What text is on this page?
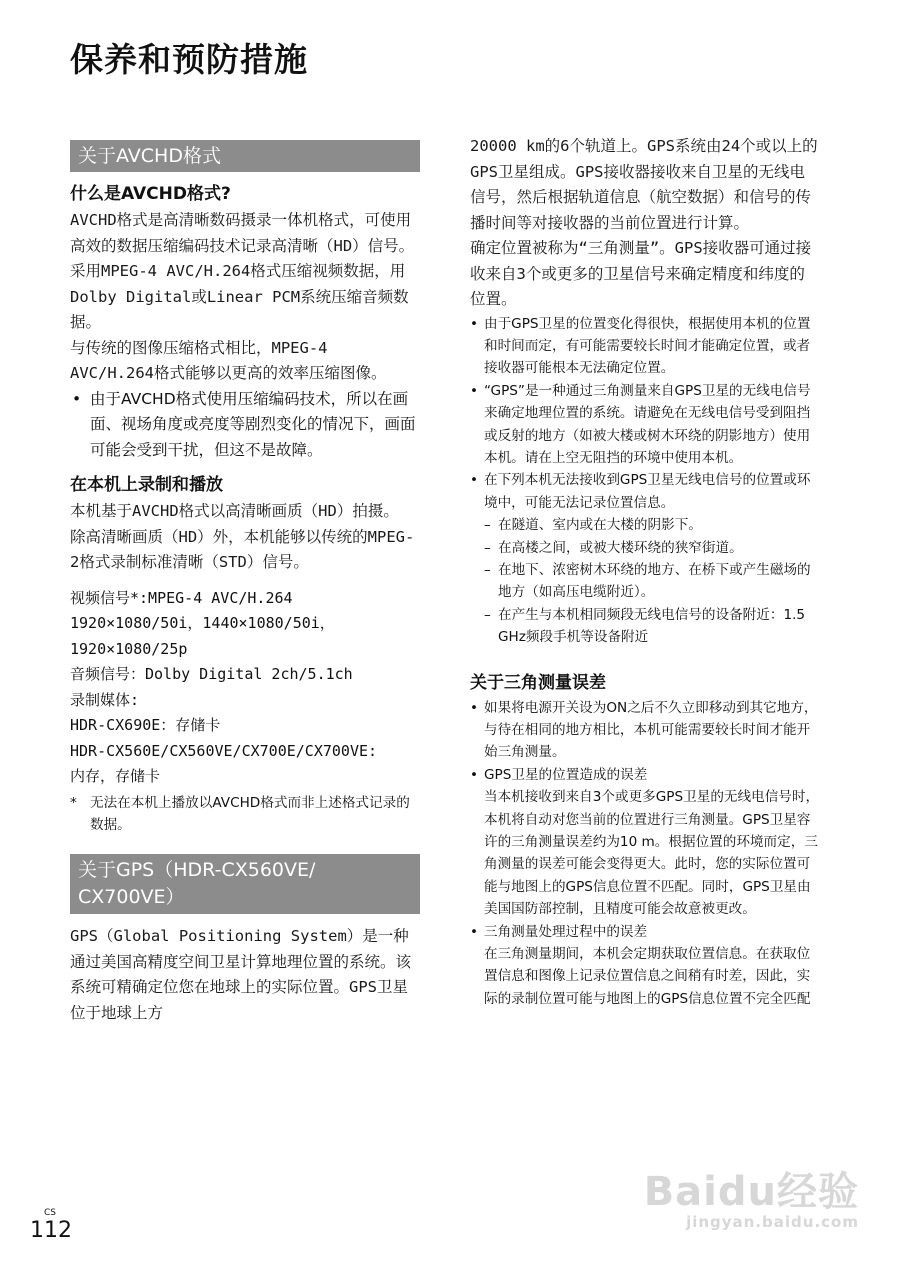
保养和预防措施
关于AVCHD格式
什么是AVCHD格式?
AVCHD格式是高清晰数码摄录一体机格式，可使用高效的数据压缩编码技术记录高清晰（HD）信号。采用MPEG-4 AVC/H.264格式压缩视频数据，用Dolby Digital或Linear PCM系统压缩音频数据。
与传统的图像压缩格式相比，MPEG-4 AVC/H.264格式能够以更高的效率压缩图像。
• 由于AVCHD格式使用压缩编码技术，所以在画面、视场角度或亮度等剧烈变化的情况下，画面可能会受到干扰，但这不是故障。
在本机上录制和播放
本机基于AVCHD格式以高清晰画质（HD）拍摄。
除高清晰画质（HD）外，本机能够以传统的MPEG-2格式录制标准清晰（STD）信号。
视频信号*:MPEG-4 AVC/H.264
1920×1080/50i，1440×1080/50i，
1920×1080/25p
音频信号：Dolby Digital 2ch/5.1ch
录制媒体:
HDR-CX690E：存储卡
HDR-CX560E/CX560VE/CX700E/CX700VE:
内存，存储卡
* 无法在本机上播放以AVCHD格式而非上述格式记录的数据。
关于GPS（HDR-CX560VE/
CX700VE）
GPS（Global Positioning System）是一种通过美国高精度空间卫星计算地理位置的系统。该系统可精确定位您在地球上的实际位置。GPS卫星位于地球上方
20000 km的6个轨道上。GPS系统由24个或以上的GPS卫星组成。GPS接收器接收来自卫星的无线电信号，然后根据轨道信息（航空数据）和信号的传播时间等对接收器的当前位置进行计算。
确定位置被称为“三角测量”。GPS接收器可通过接收来自3个或更多的卫星信号来确定精度和纬度的位置。
• 由于GPS卫星的位置变化得很快，根据使用本机的位置和时间而定，有可能需要较长时间才能确定位置，或者接收器可能根本无法确定位置。
• “GPS”是一种通过三角测量来自GPS卫星的无线电信号来确定地理位置的系统。请避免在无线电信号受到阻挡或反射的地方（如被大楼或树木环绕的阴影地方）使用本机。请在上空无阻挡的环境中使用本机。
• 在下列本机无法接收到GPS卫星无线电信号的位置或环境中，可能无法记录位置信息。
– 在隧道、室内或在大楼的阴影下。
– 在高楼之间，或被大楼环绕的狭窄街道。
– 在地下、浓密树木环绕的地方、在桥下或产生磁场的地方（如高压电缆附近）。
– 在产生与本机相同频段无线电信号的设备附近：1.5 GHz频段手机等设备附近
关于三角测量误差
• 如果将电源开关设为ON之后不久立即移动到其它地方，与待在相同的地方相比，本机可能需要较长时间才能开始三角测量。
• GPS卫星的位置造成的误差
当本机接收到来自3个或更多GPS卫星的无线电信号时，本机将自动对您当前的位置进行三角测量。GPS卫星容许的三角测量误差约为10 m。根据位置的环境而定，三角测量的误差可能会变得更大。此时，您的实际位置可能与地图上的GPS信息位置不匹配。同时，GPS卫星由美国国防部控制，且精度可能会故意被更改。
• 三角测量处理过程中的误差
在三角测量期间，本机会定期获取位置信息。在获取位置信息和图像上记录位置信息之间稍有时差，因此，实际的录制位置可能与地图上的GPS信息位置不完全匹配
CS
112
Baidu经验
jingyan.baidu.com
